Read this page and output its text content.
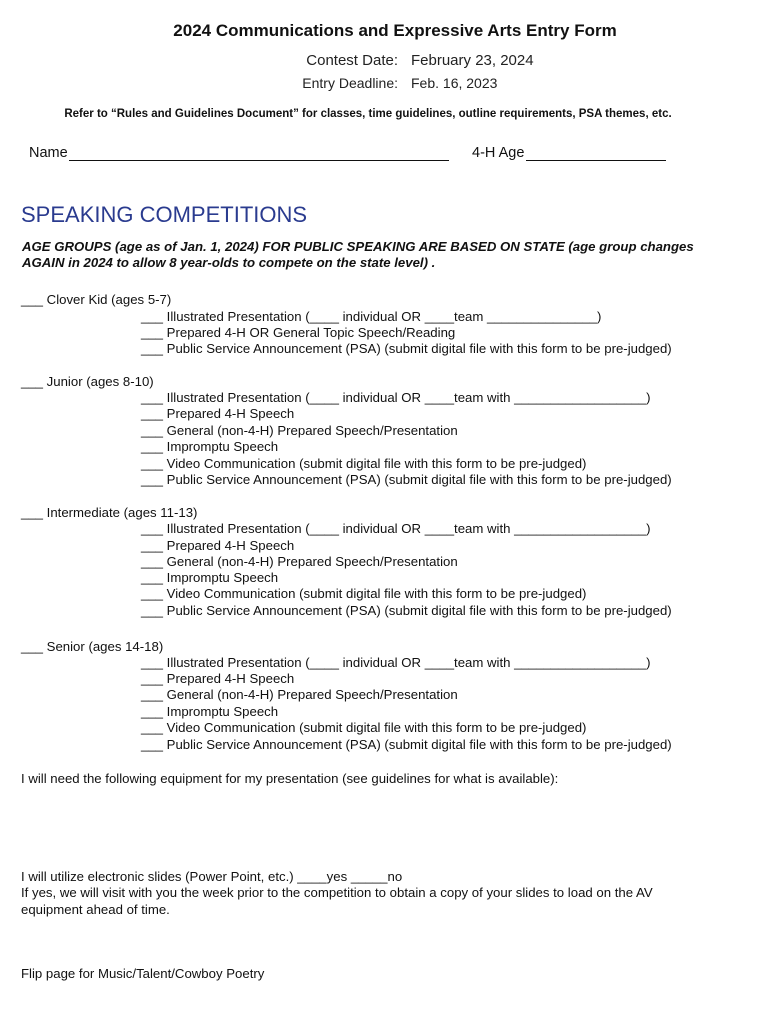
2024 Communications and Expressive Arts Entry Form
Contest Date: February 23, 2024
Entry Deadline: Feb. 16, 2023
Refer to “Rules and Guidelines Document” for classes, time guidelines, outline requirements, PSA themes, etc.
Name	4-H Age
SPEAKING COMPETITIONS
AGE GROUPS (age as of Jan. 1, 2024) FOR PUBLIC SPEAKING ARE BASED ON STATE (age group changes AGAIN in 2024 to allow 8 year-olds to compete on the state level) .
___ Clover Kid (ages 5-7)
___ Illustrated Presentation (____ individual OR ____team _______________)
___ Prepared 4-H OR General Topic Speech/Reading
___ Public Service Announcement (PSA) (submit digital file with this form to be pre-judged)
___ Junior (ages 8-10)
___ Illustrated Presentation (____ individual OR ____team with __________________)
___ Prepared 4-H Speech
___ General (non-4-H) Prepared Speech/Presentation
___ Impromptu Speech
___ Video Communication (submit digital file with this form to be pre-judged)
___ Public Service Announcement (PSA) (submit digital file with this form to be pre-judged)
___ Intermediate (ages 11-13)
___ Illustrated Presentation (____ individual OR ____team with __________________)
___ Prepared 4-H Speech
___ General (non-4-H) Prepared Speech/Presentation
___ Impromptu Speech
___ Video Communication (submit digital file with this form to be pre-judged)
___ Public Service Announcement (PSA) (submit digital file with this form to be pre-judged)
___ Senior (ages 14-18)
___ Illustrated Presentation (____ individual OR ____team with __________________)
___ Prepared 4-H Speech
___ General (non-4-H) Prepared Speech/Presentation
___ Impromptu Speech
___ Video Communication (submit digital file with this form to be pre-judged)
___ Public Service Announcement (PSA) (submit digital file with this form to be pre-judged)
I will need the following equipment for my presentation (see guidelines for what is available):
I will utilize electronic slides (Power Point, etc.) ____yes _____no
If yes, we will visit with you the week prior to the competition to obtain a copy of your slides to load on the AV equipment ahead of time.
Flip page for Music/Talent/Cowboy Poetry
